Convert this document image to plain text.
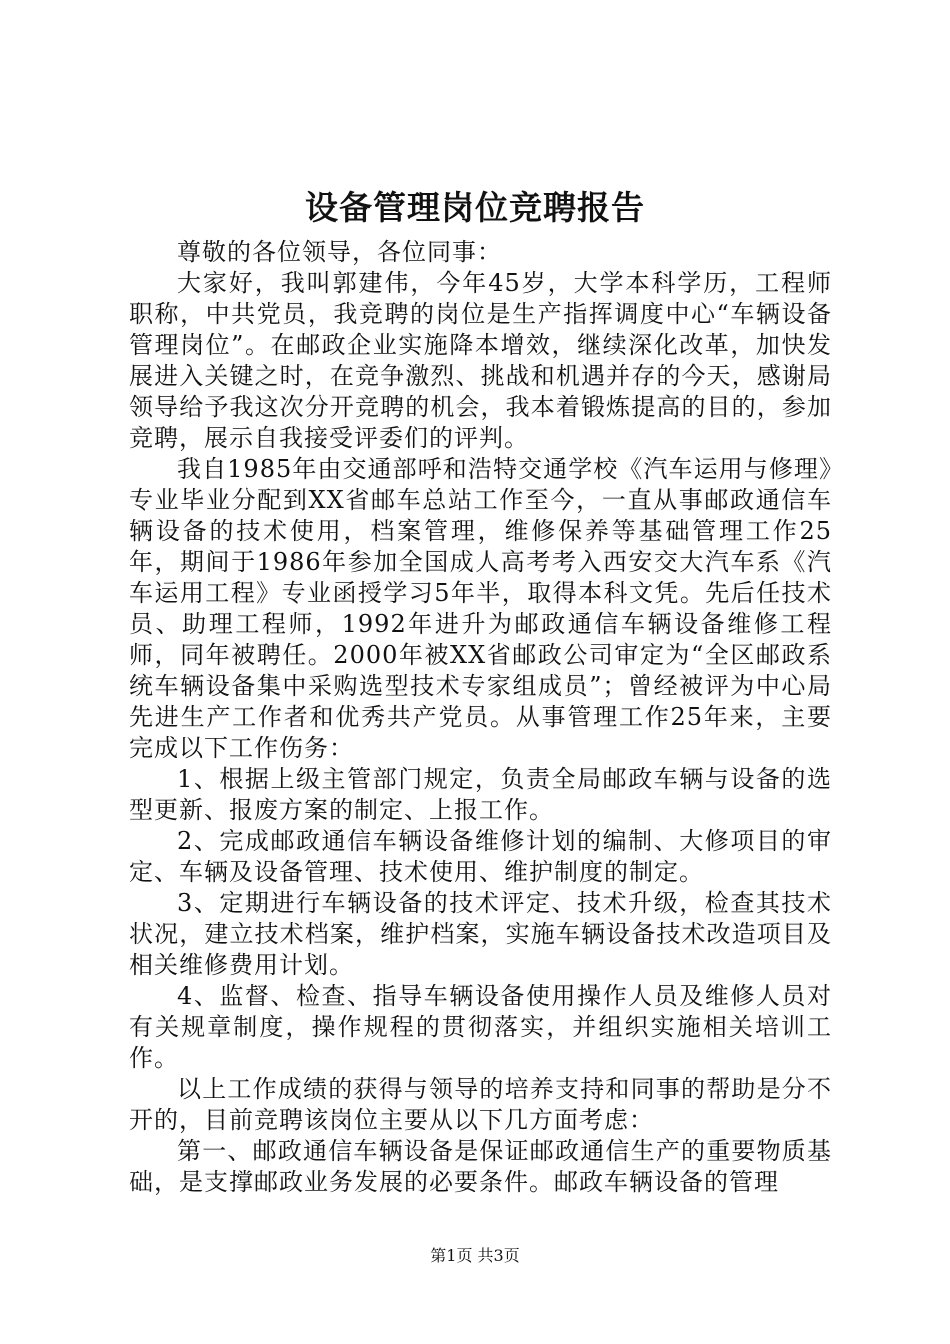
设备管理岗位竞聘报告

尊敬的各位领导，各位同事：

大家好，我叫郭建伟，今年45岁，大学本科学历，工程师职称，中共党员，我竞聘的岗位是生产指挥调度中心“车辆设备管理岗位”。在邮政企业实施降本增效，继续深化改革，加快发展进入关键之时，在竞争激烈、挑战和机遇并存的今天，感谢局领导给予我这次分开竞聘的机会，我本着锻炼提高的目的，参加竞聘，展示自我接受评委们的评判。

我自1985年由交通部呼和浩特交通学校《汽车运用与修理》专业毕业分配到XX省邮车总站工作至今，一直从事邮政通信车辆设备的技术使用，档案管理，维修保养等基础管理工作25年，期间于1986年参加全国成人高考考入西安交大汽车系《汽车运用工程》专业函授学习5年半，取得本科文凭。先后任技术员、助理工程师，1992年进升为邮政通信车辆设备维修工程师，同年被聘任。2000年被XX省邮政公司审定为“全区邮政系统车辆设备集中采购选型技术专家组成员”；曾经被评为中心局先进生产工作者和优秀共产党员。从事管理工作25年来，主要完成以下工作伤务：

1、根据上级主管部门规定，负责全局邮政车辆与设备的选型更新、报废方案的制定、上报工作。

2、完成邮政通信车辆设备维修计划的编制、大修项目的审定、车辆及设备管理、技术使用、维护制度的制定。

3、定期进行车辆设备的技术评定、技术升级，检查其技术状况，建立技术档案，维护档案，实施车辆设备技术改造项目及相关维修费用计划。

4、监督、检查、指导车辆设备使用操作人员及维修人员对有关规章制度，操作规程的贯彻落实，并组织实施相关培训工作。

以上工作成绩的获得与领导的培养支持和同事的帮助是分不开的，目前竞聘该岗位主要从以下几方面考虑：

第一、邮政通信车辆设备是保证邮政通信生产的重要物质基础，是支撑邮政业务发展的必要条件。邮政车辆设备的管理

第1页 共3页
